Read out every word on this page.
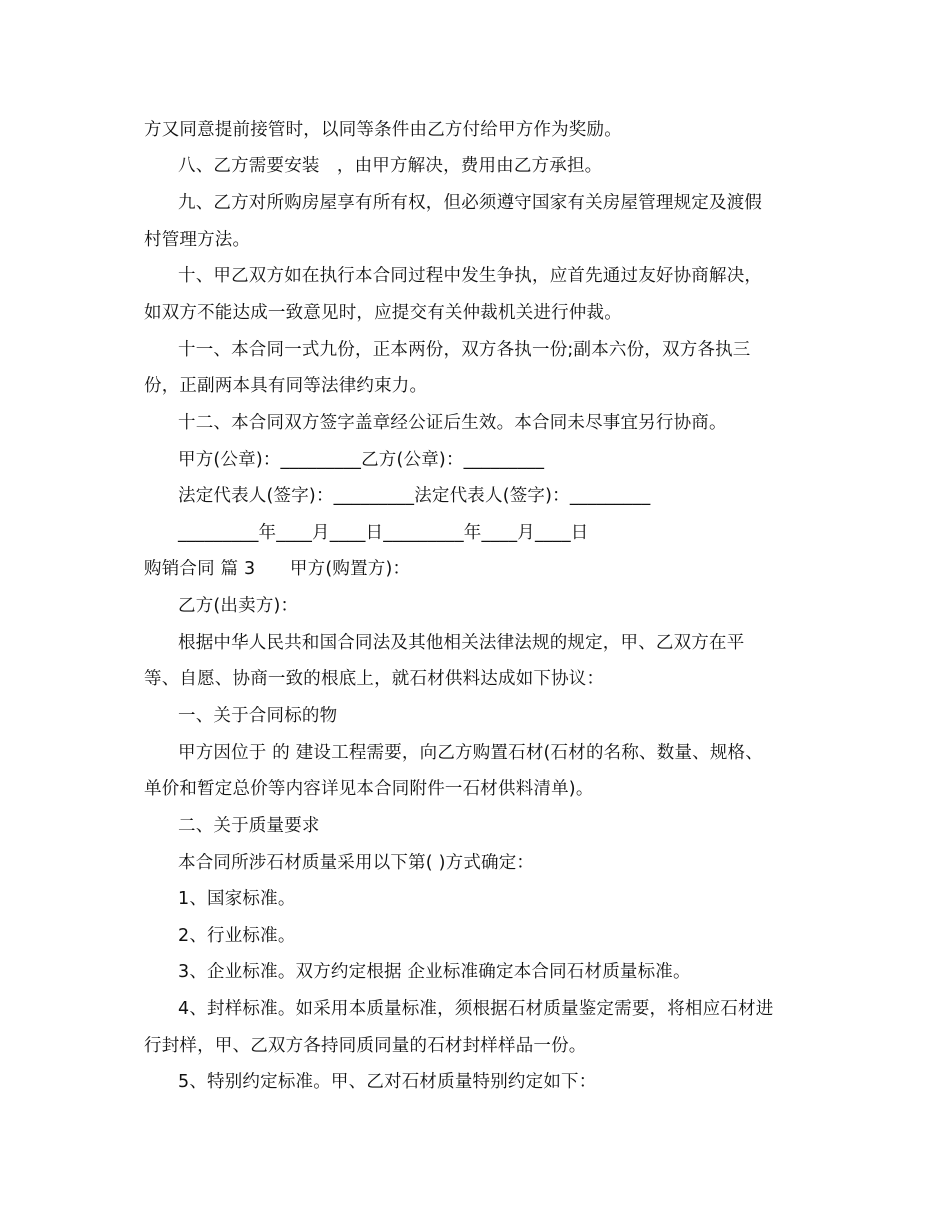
方又同意提前接管时，以同等条件由乙方付给甲方作为奖励。
八、乙方需要安装   ，由甲方解决，费用由乙方承担。
九、乙方对所购房屋享有所有权，但必须遵守国家有关房屋管理规定及渡假
村管理方法。
十、甲乙双方如在执行本合同过程中发生争执，应首先通过友好协商解决，
如双方不能达成一致意见时，应提交有关仲裁机关进行仲裁。
十一、本合同一式九份，正本两份，双方各执一份;副本六份，双方各执三
份，正副两本具有同等法律约束力。
十二、本合同双方签字盖章经公证后生效。本合同未尽事宜另行协商。
甲方(公章)：_________乙方(公章)：_________
法定代表人(签字)：_________法定代表人(签字)：_________
_________年____月____日_________年____月____日
购销合同 篇 3      甲方(购置方)：
乙方(出卖方)：
根据中华人民共和国合同法及其他相关法律法规的规定，甲、乙双方在平
等、自愿、协商一致的根底上，就石材供料达成如下协议：
一、关于合同标的物
甲方因位于 的 建设工程需要，向乙方购置石材(石材的名称、数量、规格、
单价和暂定总价等内容详见本合同附件一石材供料清单)。
二、关于质量要求
本合同所涉石材质量采用以下第( )方式确定：
1、国家标准。
2、行业标准。
3、企业标准。双方约定根据 企业标准确定本合同石材质量标准。
4、封样标准。如采用本质量标准，须根据石材质量鉴定需要，将相应石材进
行封样，甲、乙双方各持同质同量的石材封样样品一份。
5、特别约定标准。甲、乙对石材质量特别约定如下：
